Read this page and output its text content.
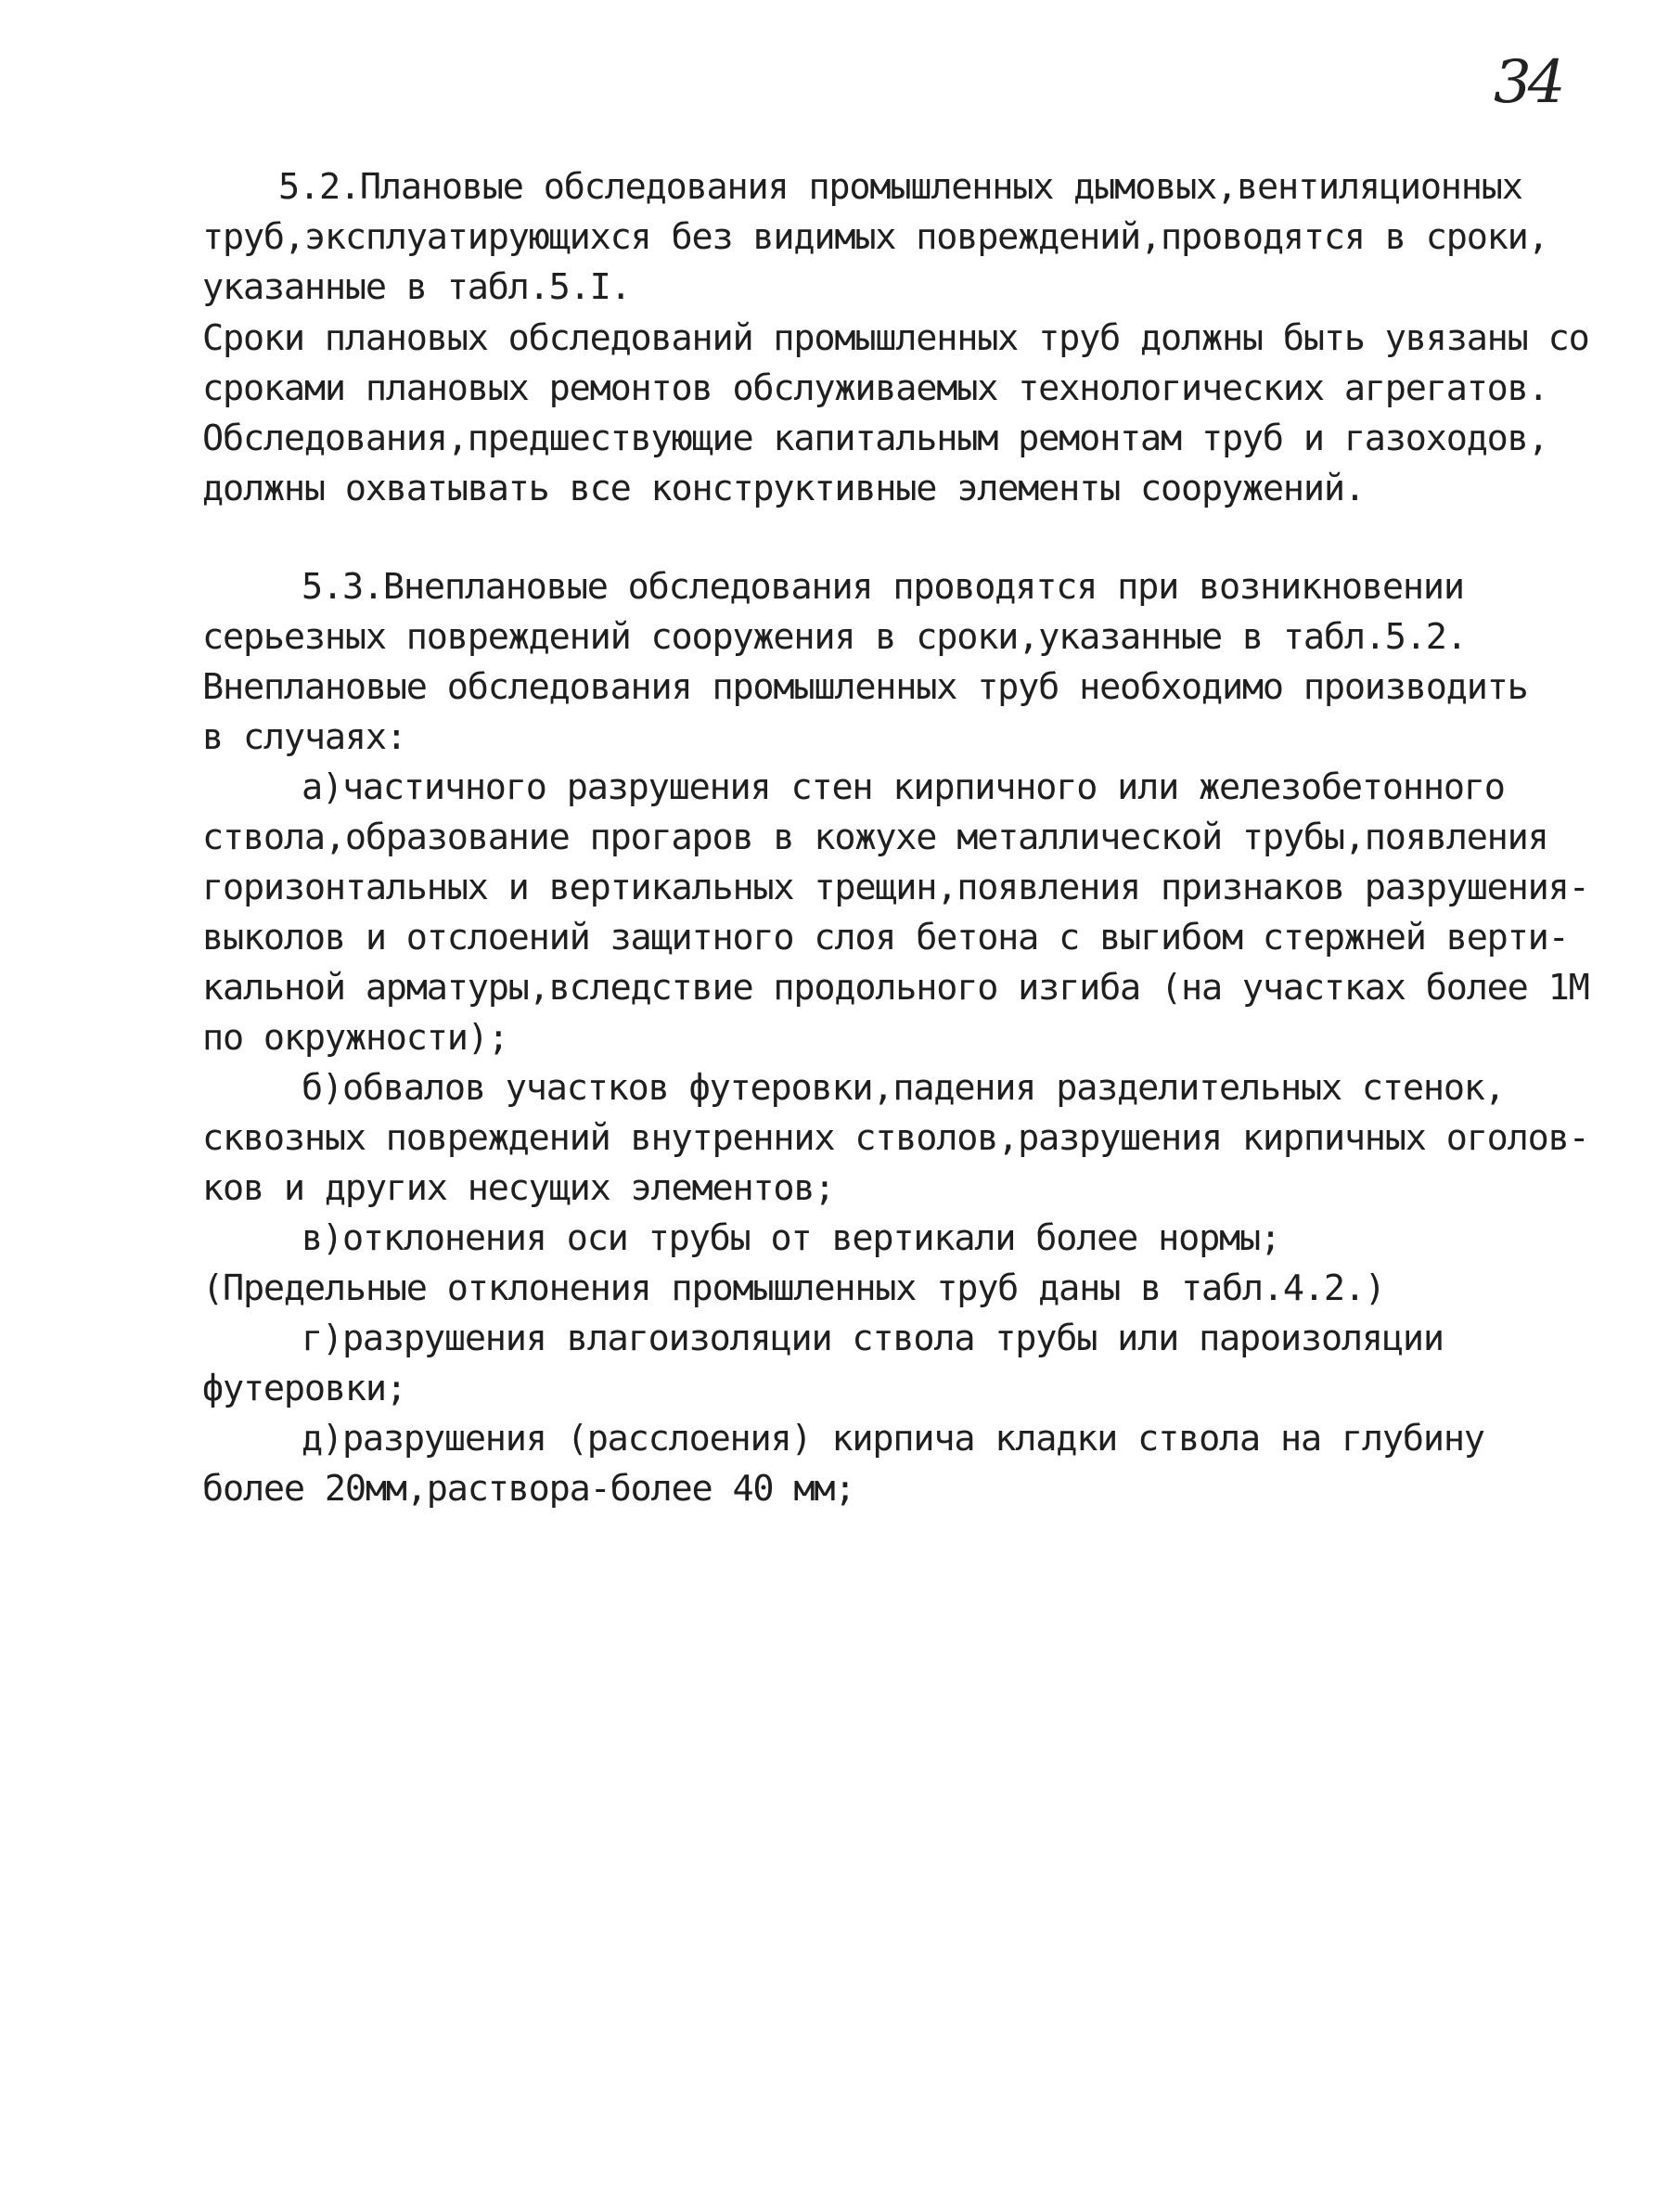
34
5.2.Плановые обследования промышленных дымовых,вентиляционных
труб,эксплуатирующихся без видимых повреждений,проводятся в сроки,
указанные в табл.5.I.
Сроки плановых обследований промышленных труб должны быть увязаны со
сроками плановых ремонтов обслуживаемых технологических агрегатов.
Обследования,предшествующие капитальным ремонтам труб и газоходов,
должны охватывать все конструктивные элементы сооружений.
5.3.Внеплановые обследования проводятся при возникновении
серьезных повреждений сооружения в сроки,указанные в табл.5.2.
Внеплановые обследования промышленных труб необходимо производить
в случаях:
а)частичного разрушения стен кирпичного или железобетонного
ствола,образование прогаров в кожухе металлической трубы,появления
горизонтальных и вертикальных трещин,появления признаков разрушения-
выколов и отслоений защитного слоя бетона с выгибом стержней верти-
кальной арматуры,вследствие продольного изгиба (на участках более 1М
по окружности);
б)обвалов участков футеровки,падения разделительных стенок,
сквозных повреждений внутренних стволов,разрушения кирпичных оголов-
ков и других несущих элементов;
в)отклонения оси трубы от вертикали более нормы;
(Предельные отклонения промышленных труб даны в табл.4.2.)
г)разрушения влагоизоляции ствола трубы или пароизоляции
футеровки;
д)разрушения (расслоения) кирпича кладки ствола на глубину
более 20мм,раствора-более 40 мм;
